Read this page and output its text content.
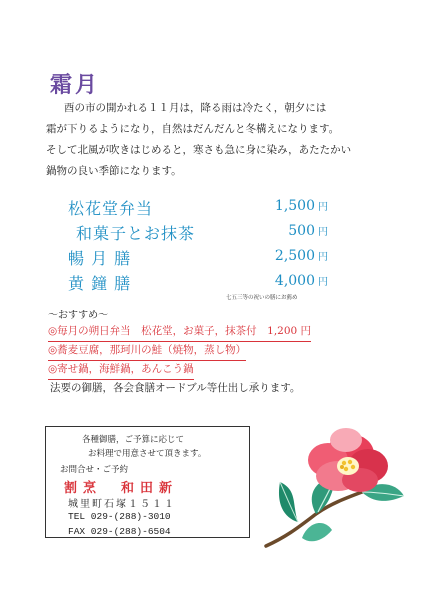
霜月
酉の市の開かれる１１月は，降る雨は冷たく，朝夕には
霜が下りるようになり，自然はだんだんと冬構えになります。
そして北風が吹きはじめると，寒さも急に身に染み，あたたかい
鍋物の良い季節になります。
松花堂弁当	1,500 円
和菓子とお抹茶	500 円
暢 月 膳	2,500 円
黄 鐘 膳	4,000 円
七五三等の祝いの膳にお薦め
〜おすすめ〜
◎毎月の朔日弁当　松花堂，お菓子，抹茶付　1,200 円
◎蕎麦豆腐，那珂川の鮭（焼物，蒸し物）
◎寄せ鍋，海鮮鍋，あんこう鍋
法要の御膳，各会食膳オードブル等仕出し承ります。
各種御膳，ご予算に応じて
お料理で用意させて頂きます。
お問合せ・ご予約
割烹　和田新
城里町石塚１５１１
TEL 029-(288)-3010
FAX 029-(288)-6504
